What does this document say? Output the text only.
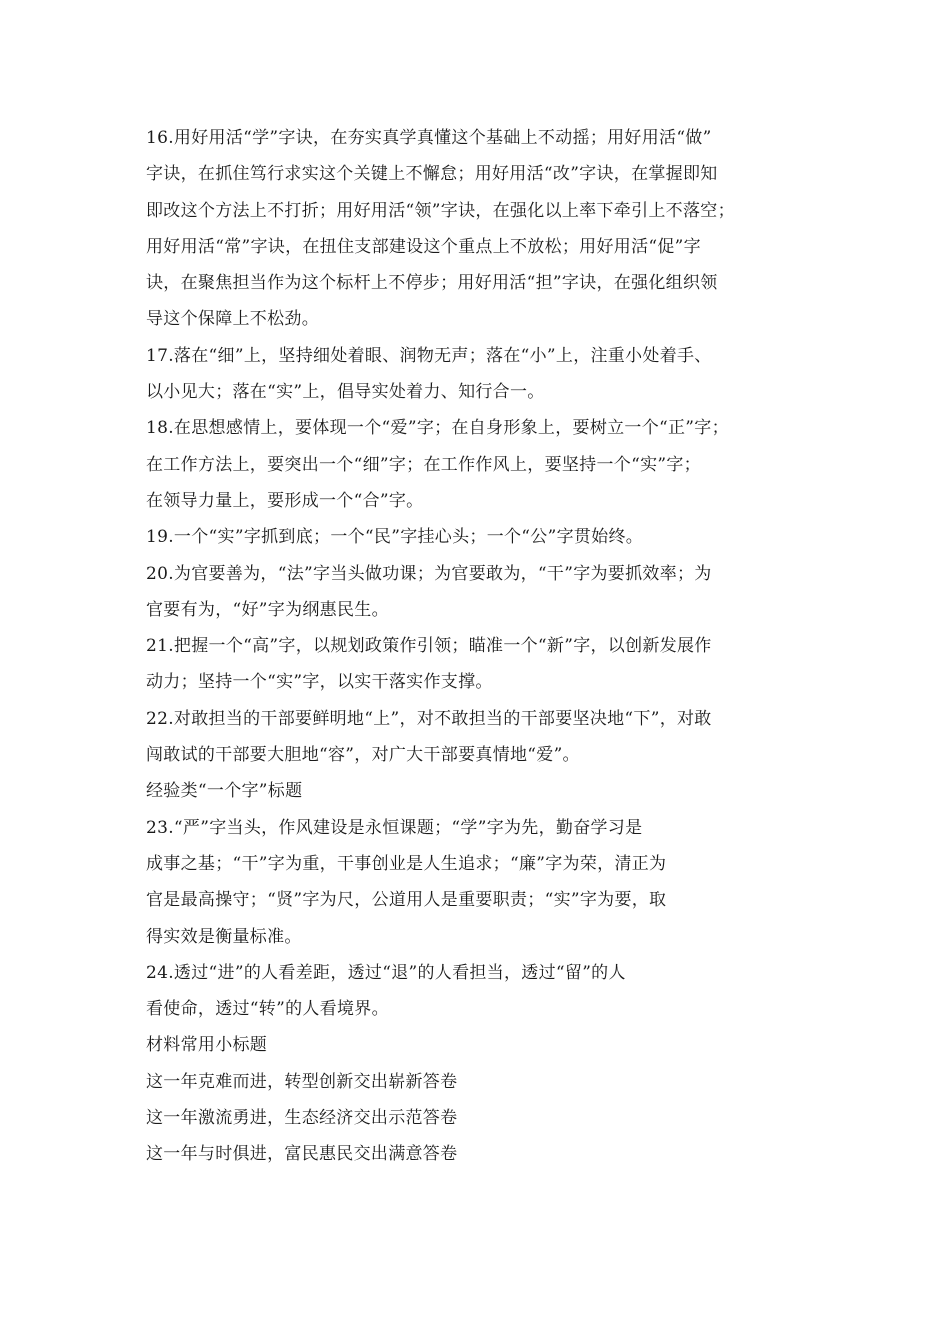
16.用好用活“学”字诀，在夯实真学真懂这个基础上不动摇；用好用活“做”
字诀，在抓住笃行求实这个关键上不懈怠；用好用活“改”字诀，在掌握即知
即改这个方法上不打折；用好用活“领”字诀，在强化以上率下牵引上不落空；
用好用活“常”字诀，在扭住支部建设这个重点上不放松；用好用活“促”字
诀，在聚焦担当作为这个标杆上不停步；用好用活“担”字诀，在强化组织领
导这个保障上不松劲。
17.落在“细”上，坚持细处着眼、润物无声；落在“小”上，注重小处着手、
以小见大；落在“实”上，倡导实处着力、知行合一。
18.在思想感情上，要体现一个“爱”字；在自身形象上，要树立一个“正”字；
在工作方法上，要突出一个“细”字；在工作作风上，要坚持一个“实”字；
在领导力量上，要形成一个“合”字。
19.一个“实”字抓到底；一个“民”字挂心头；一个“公”字贯始终。
20.为官要善为，“法”字当头做功课；为官要敢为，“干”字为要抓效率；为
官要有为，“好”字为纲惠民生。
21.把握一个“高”字，以规划政策作引领；瞄准一个“新”字，以创新发展作
动力；坚持一个“实”字，以实干落实作支撑。
22.对敢担当的干部要鲜明地“上”，对不敢担当的干部要坚决地“下”，对敢
闯敢试的干部要大胆地“容”，对广大干部要真情地“爱”。
经验类“一个字”标题
23.“严”字当头，作风建设是永恒课题；“学”字为先，勤奋学习是
成事之基；“干”字为重，干事创业是人生追求；“廉”字为荣，清正为
官是最高操守；“贤”字为尺，公道用人是重要职责；“实”字为要，取
得实效是衡量标准。
24.透过“进”的人看差距，透过“退”的人看担当，透过“留”的人
看使命，透过“转”的人看境界。
材料常用小标题
这一年克难而进，转型创新交出崭新答卷
这一年激流勇进，生态经济交出示范答卷
这一年与时俱进，富民惠民交出满意答卷
